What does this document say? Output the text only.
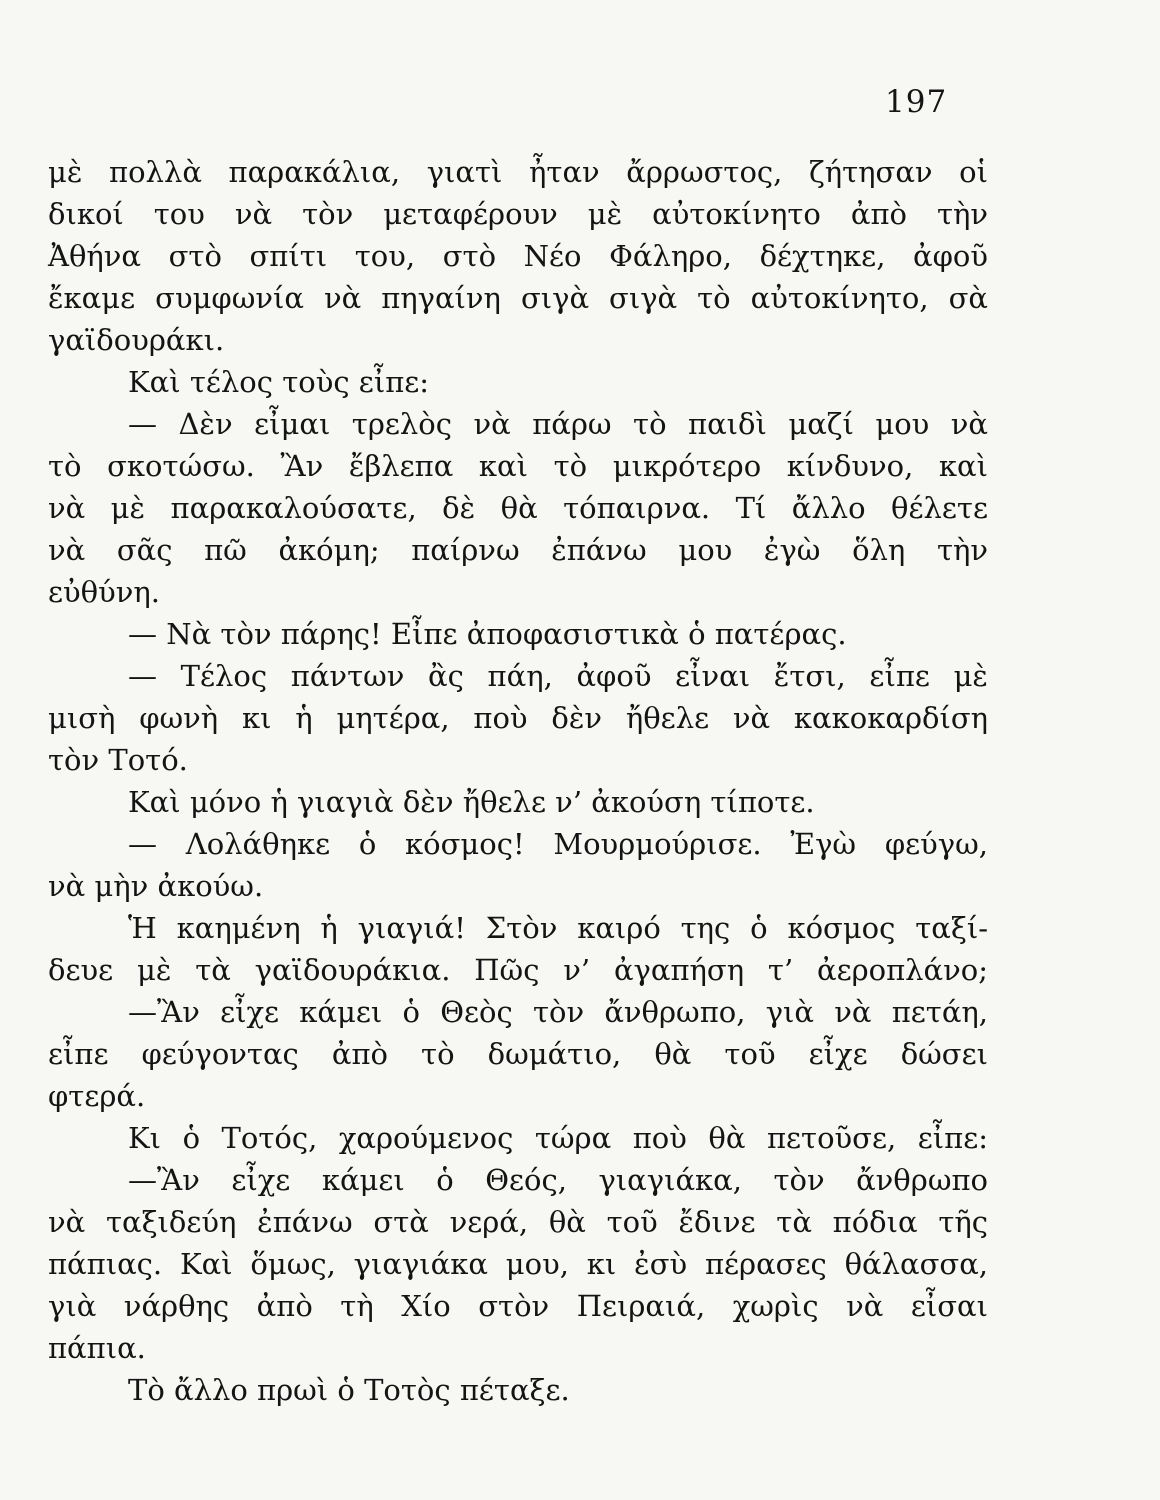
197
μὲ πολλὰ παρακάλια, γιατὶ ἦταν ἄρρωστος, ζήτησαν οἱ
δικοί του νὰ τὸν μεταφέρουν μὲ αὐτοκίνητο ἀπὸ τὴν
Ἀθήνα στὸ σπίτι του, στὸ Νέο Φάληρο, δέχτηκε, ἀφοῦ
ἔκαμε συμφωνία νὰ πηγαίνη σιγὰ σιγὰ τὸ αὐτοκίνητο, σὰ
γαϊδουράκι.
Καὶ τέλος τοὺς εἶπε:
— Δὲν εἶμαι τρελὸς νὰ πάρω τὸ παιδὶ μαζί μου νὰ
τὸ σκοτώσω. Ἂν ἔβλεπα καὶ τὸ μικρότερο κίνδυνο, καὶ
νὰ μὲ παρακαλούσατε, δὲ θὰ τόπαιρνα. Τί ἄλλο θέλετε
νὰ σᾶς πῶ ἀκόμη; παίρνω ἐπάνω μου ἐγὼ ὅλη τὴν
εὐθύνη.
— Νὰ τὸν πάρης! Εἶπε ἀποφασιστικὰ ὁ πατέρας.
— Τέλος πάντων ἂς πάη, ἀφοῦ εἶναι ἔτσι, εἶπε μὲ
μισὴ φωνὴ κι ἡ μητέρα, ποὺ δὲν ἤθελε νὰ κακοκαρδίση
τὸν Τοτό.
Καὶ μόνο ἡ γιαγιὰ δὲν ἤθελε ν’ ἀκούση τίποτε.
— Λολάθηκε ὁ κόσμος! Μουρμούρισε. Ἐγὼ φεύγω,
νὰ μὴν ἀκούω.
Ἡ καημένη ἡ γιαγιά! Στὸν καιρό της ὁ κόσμος ταξί-
δευε μὲ τὰ γαϊδουράκια. Πῶς ν’ ἀγαπήση τ’ ἀεροπλάνο;
—Ἂν εἶχε κάμει ὁ Θεὸς τὸν ἄνθρωπο, γιὰ νὰ πετάη,
εἶπε φεύγοντας ἀπὸ τὸ δωμάτιο, θὰ τοῦ εἶχε δώσει
φτερά.
Κι ὁ Τοτός, χαρούμενος τώρα ποὺ θὰ πετοῦσε, εἶπε:
—Ἂν εἶχε κάμει ὁ Θεός, γιαγιάκα, τὸν ἄνθρωπο
νὰ ταξιδεύη ἐπάνω στὰ νερά, θὰ τοῦ ἔδινε τὰ πόδια τῆς
πάπιας. Καὶ ὅμως, γιαγιάκα μου, κι ἐσὺ πέρασες θάλασσα,
γιὰ νάρθης ἀπὸ τὴ Χίο στὸν Πειραιά, χωρὶς νὰ εἶσαι
πάπια.
Τὸ ἄλλο πρωὶ ὁ Τοτὸς πέταξε.
